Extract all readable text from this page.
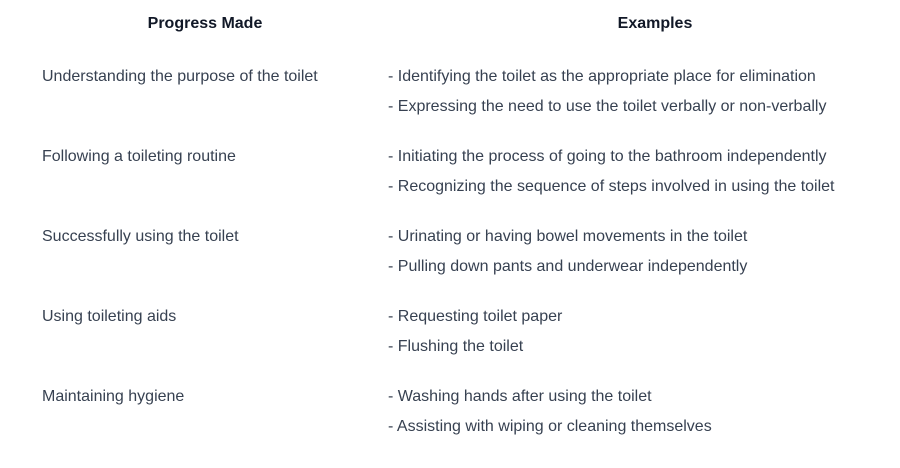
Progress Made	Examples
Understanding the purpose of the toilet	- Identifying the toilet as the appropriate place for elimination
- Expressing the need to use the toilet verbally or non-verbally
Following a toileting routine	- Initiating the process of going to the bathroom independently
- Recognizing the sequence of steps involved in using the toilet
Successfully using the toilet	- Urinating or having bowel movements in the toilet
- Pulling down pants and underwear independently
Using toileting aids	- Requesting toilet paper
- Flushing the toilet
Maintaining hygiene	- Washing hands after using the toilet
- Assisting with wiping or cleaning themselves
